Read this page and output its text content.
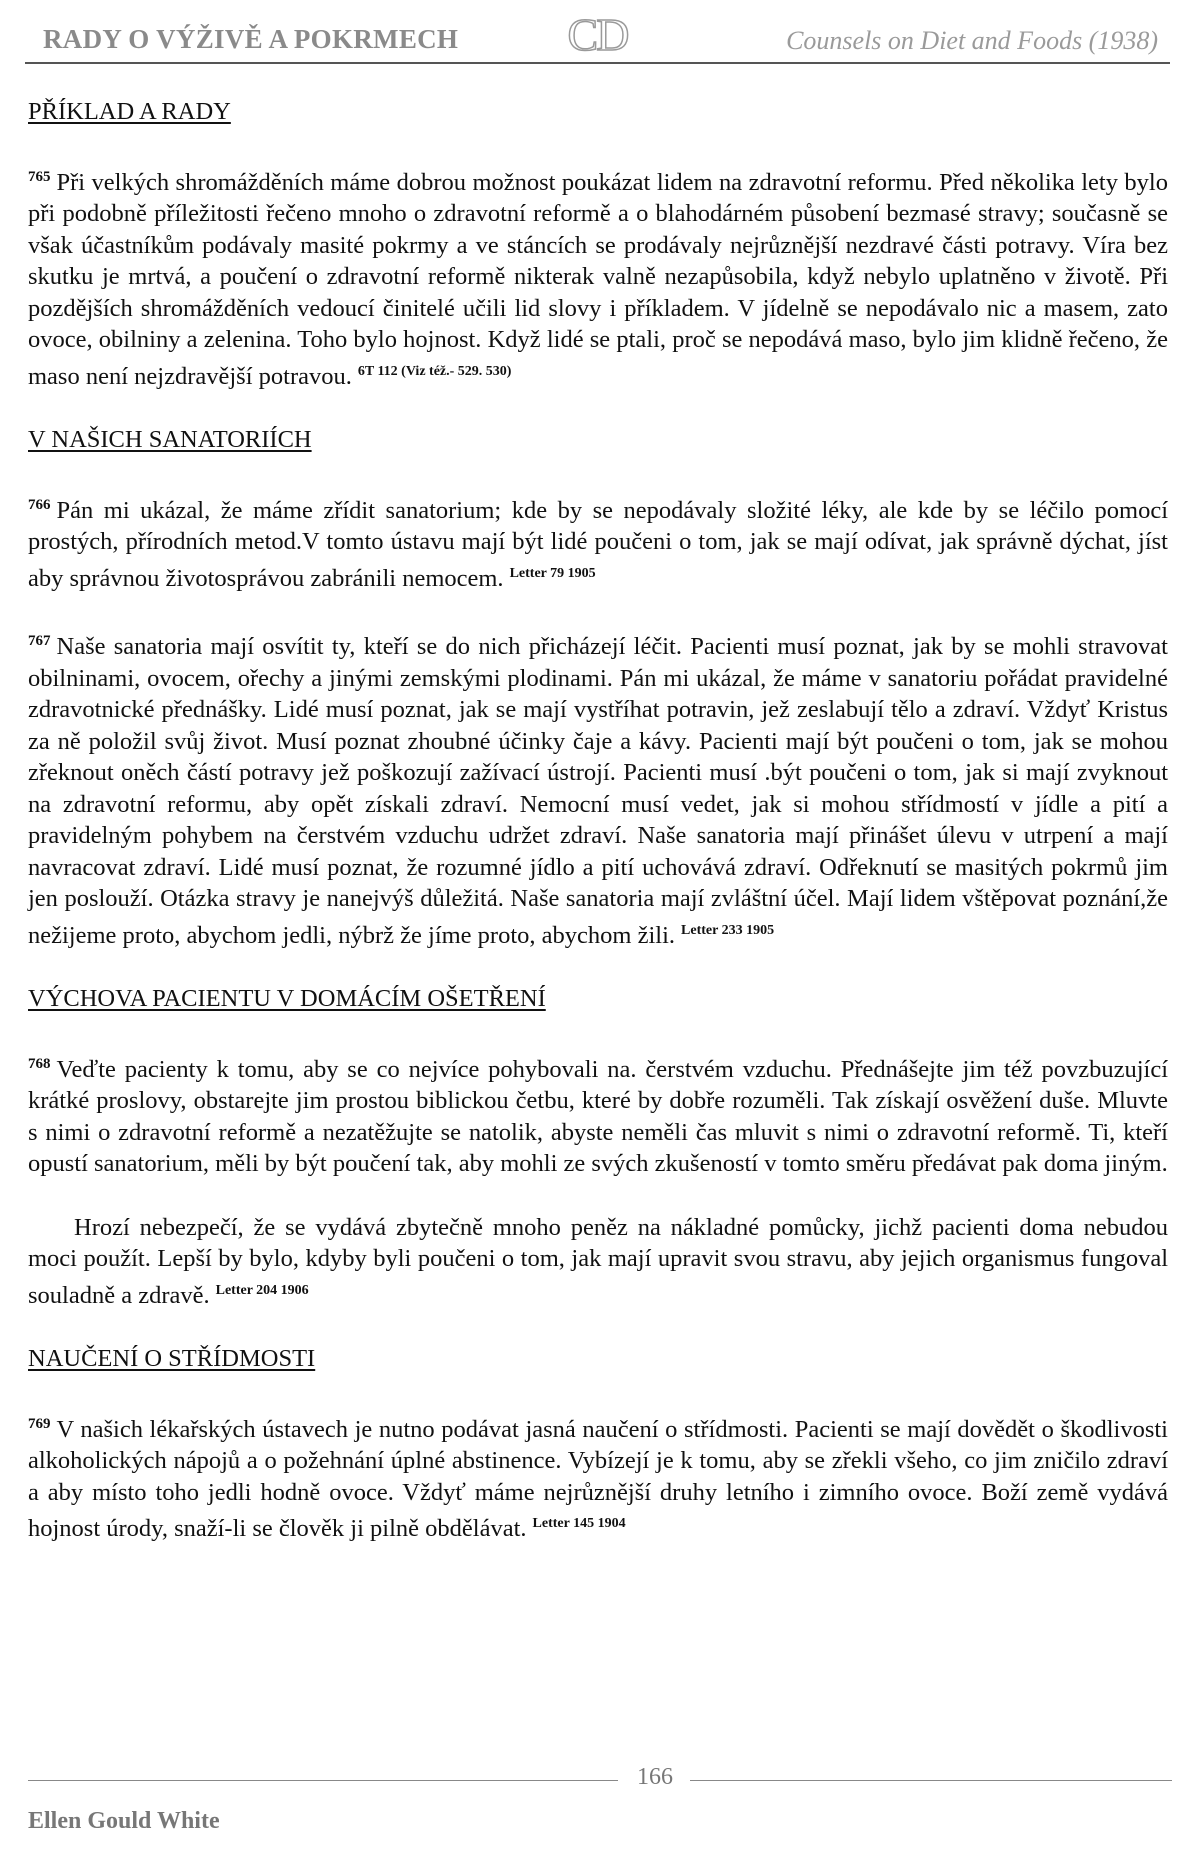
RADY O VÝŽIVĚ A POKRMECH CD	Counsels on Diet and Foods (1938)
PŘÍKLAD A RADY

$^{765}$ Při velkých shromážděních máme dobrou možnost poukázat lidem na zdravotní reformu. Před několika lety bylo při podobně příležitosti řečeno mnoho o zdravotní reformě a o blahodárném působení bezmasé stravy; současně se však účastníkům podávaly masité pokrmy a ve stáncích se prodávaly nejrůznější nezdravé části potravy. Víra bez skutku je mrtvá, a poučení o zdravotní reformě nikterak valně nezapůsobila, když nebylo uplatněno v životě. Při pozdějších shromážděních vedoucí činitelé učili lid slovy i příkladem. V jídelně se nepodávalo nic a masem, zato ovoce, obilniny a zelenina. Toho bylo hojnost. Když lidé se ptali, proč se nepodává maso, bylo jim klidně řečeno, že maso není nejzdravější potravou. $^{6T 112 (Viz též.- 529. 530)}$

V NAŠICH SANATORIÍCH

$^{766}$ Pán mi ukázal, že máme zřídit sanatorium; kde by se nepodávaly složité léky, ale kde by se léčilo pomocí prostých, přírodních metod.V tomto ústavu mají být lidé poučeni o tom, jak se mají odívat, jak správně dýchat, jíst aby správnou životosprávou zabránili nemocem. $^{Letter 79 1905}$

$^{767}$ Naše sanatoria mají osvítit ty, kteří se do nich přicházejí léčit. Pacienti musí poznat, jak by se mohli stravovat obilninami, ovocem, ořechy a jinými zemskými plodinami. Pán mi ukázal, že máme v sanatoriu pořádat pravidelné zdravotnické přednášky. Lidé musí poznat, jak se mají vystříhat potravin, jež zeslabují tělo a zdraví. Vždyť Kristus za ně položil svůj život. Musí poznat zhoubné účinky čaje a kávy. Pacienti mají být poučeni o tom, jak se mohou zřeknout oněch částí potravy jež poškozují zažívací ústrojí. Pacienti musí .být poučeni o tom, jak si mají zvyknout na zdravotní reformu, aby opět získali zdraví. Nemocní musí vedet, jak si mohou střídmostí v jídle a pití a pravidelným pohybem na čerstvém vzduchu udržet zdraví. Naše sanatoria mají přinášet úlevu v utrpení a mají navracovat zdraví. Lidé musí poznat, že rozumné jídlo a pití uchovává zdraví. Odřeknutí se masitých pokrmů jim jen poslouží. Otázka stravy je nanejvýš důležitá. Naše sanatoria mají zvláštní účel. Mají lidem vštěpovat poznání,že nežijeme proto, abychom jedli, nýbrž že jíme proto, abychom žili. $^{Letter 233 1905}$

VÝCHOVA PACIENTU V DOMÁCÍM OŠETŘENÍ

$^{768}$ Veďte pacienty k tomu, aby se co nejvíce pohybovali na. čerstvém vzduchu. Přednášejte jim též povzbuzující krátké proslovy, obstarejte jim prostou biblickou četbu, které by dobře rozuměli. Tak získají osvěžení duše. Mluvte s nimi o zdravotní reformě a nezatěžujte se natolik, abyste neměli čas mluvit s nimi o zdravotní reformě. Ti, kteří opustí sanatorium, měli by být poučení tak, aby mohli ze svých zkušeností v tomto směru předávat pak doma jiným.

Hrozí nebezpečí, že se vydává zbytečně mnoho peněz na nákladné pomůcky, jichž pacienti doma nebudou moci použít. Lepší by bylo, kdyby byli poučeni o tom, jak mají upravit svou stravu, aby jejich organismus fungoval souladně a zdravě. $^{Letter 204 1906}$

NAUČENÍ O STŘÍDMOSTI

$^{769}$ V našich lékařských ústavech je nutno podávat jasná naučení o střídmosti. Pacienti se mají dovědět o škodlivosti alkoholických nápojů a o požehnání úplné abstinence. Vybízejí je k tomu, aby se zřekli všeho, co jim zničilo zdraví a aby místo toho jedli hodně ovoce. Vždyť máme nejrůznější druhy letního i zimního ovoce. Boží země vydává hojnost úrody, snaží-li se člověk ji pilně obdělávat. $^{Letter 145 1904}$

166
Ellen Gould White
